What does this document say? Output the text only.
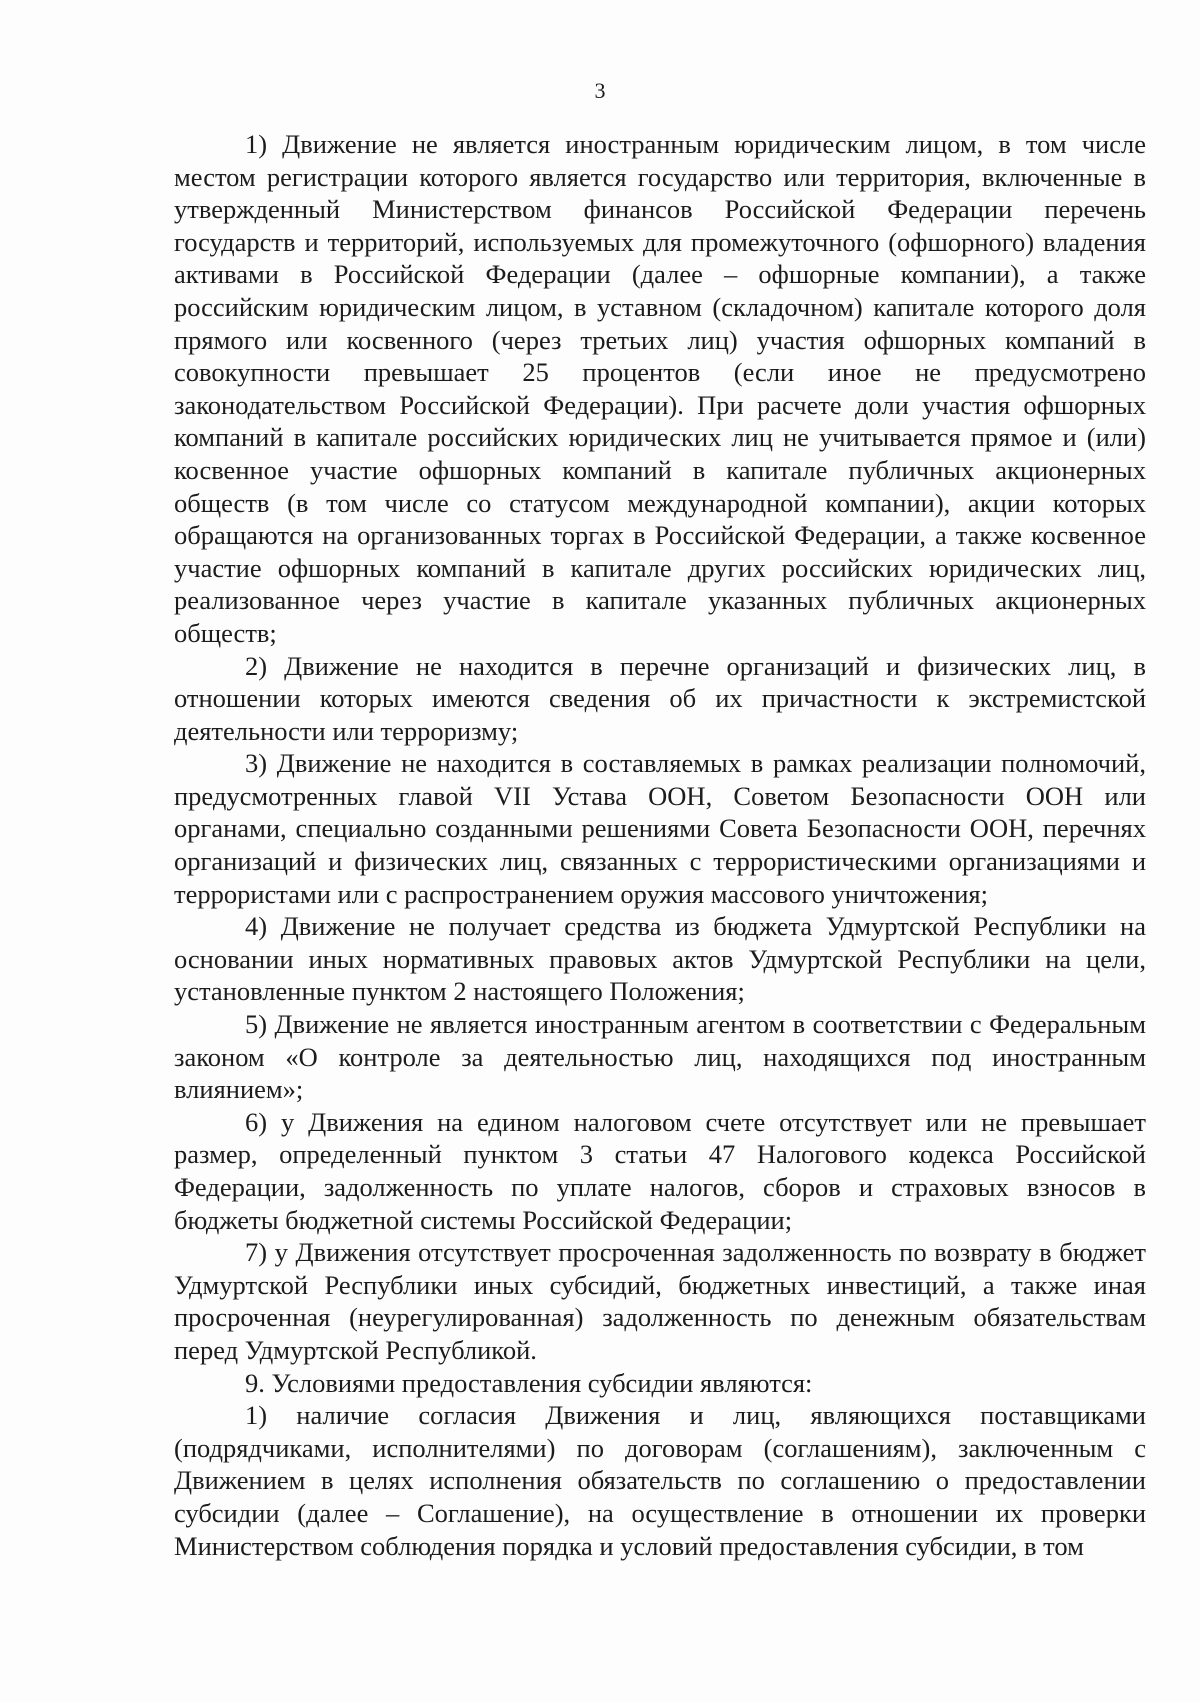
3

1) Движение не является иностранным юридическим лицом, в том числе местом регистрации которого является государство или территория, включенные в утвержденный Министерством финансов Российской Федерации перечень государств и территорий, используемых для промежуточного (офшорного) владения активами в Российской Федерации (далее – офшорные компании), а также российским юридическим лицом, в уставном (складочном) капитале которого доля прямого или косвенного (через третьих лиц) участия офшорных компаний в совокупности превышает 25 процентов (если иное не предусмотрено законодательством Российской Федерации). При расчете доли участия офшорных компаний в капитале российских юридических лиц не учитывается прямое и (или) косвенное участие офшорных компаний в капитале публичных акционерных обществ (в том числе со статусом международной компании), акции которых обращаются на организованных торгах в Российской Федерации, а также косвенное участие офшорных компаний в капитале других российских юридических лиц, реализованное через участие в капитале указанных публичных акционерных обществ;

2) Движение не находится в перечне организаций и физических лиц, в отношении которых имеются сведения об их причастности к экстремистской деятельности или терроризму;

3) Движение не находится в составляемых в рамках реализации полномочий, предусмотренных главой VII Устава ООН, Советом Безопасности ООН или органами, специально созданными решениями Совета Безопасности ООН, перечнях организаций и физических лиц, связанных с террористическими организациями и террористами или с распространением оружия массового уничтожения;

4) Движение не получает средства из бюджета Удмуртской Республики на основании иных нормативных правовых актов Удмуртской Республики на цели, установленные пунктом 2 настоящего Положения;

5) Движение не является иностранным агентом в соответствии с Федеральным законом «О контроле за деятельностью лиц, находящихся под иностранным влиянием»;

6) у Движения на едином налоговом счете отсутствует или не превышает размер, определенный пунктом 3 статьи 47 Налогового кодекса Российской Федерации, задолженность по уплате налогов, сборов и страховых взносов в бюджеты бюджетной системы Российской Федерации;

7) у Движения отсутствует просроченная задолженность по возврату в бюджет Удмуртской Республики иных субсидий, бюджетных инвестиций, а также иная просроченная (неурегулированная) задолженность по денежным обязательствам перед Удмуртской Республикой.

9. Условиями предоставления субсидии являются:

1) наличие согласия Движения и лиц, являющихся поставщиками (подрядчиками, исполнителями) по договорам (соглашениям), заключенным с Движением в целях исполнения обязательств по соглашению о предоставлении субсидии (далее – Соглашение), на осуществление в отношении их проверки Министерством соблюдения порядка и условий предоставления субсидии, в том
